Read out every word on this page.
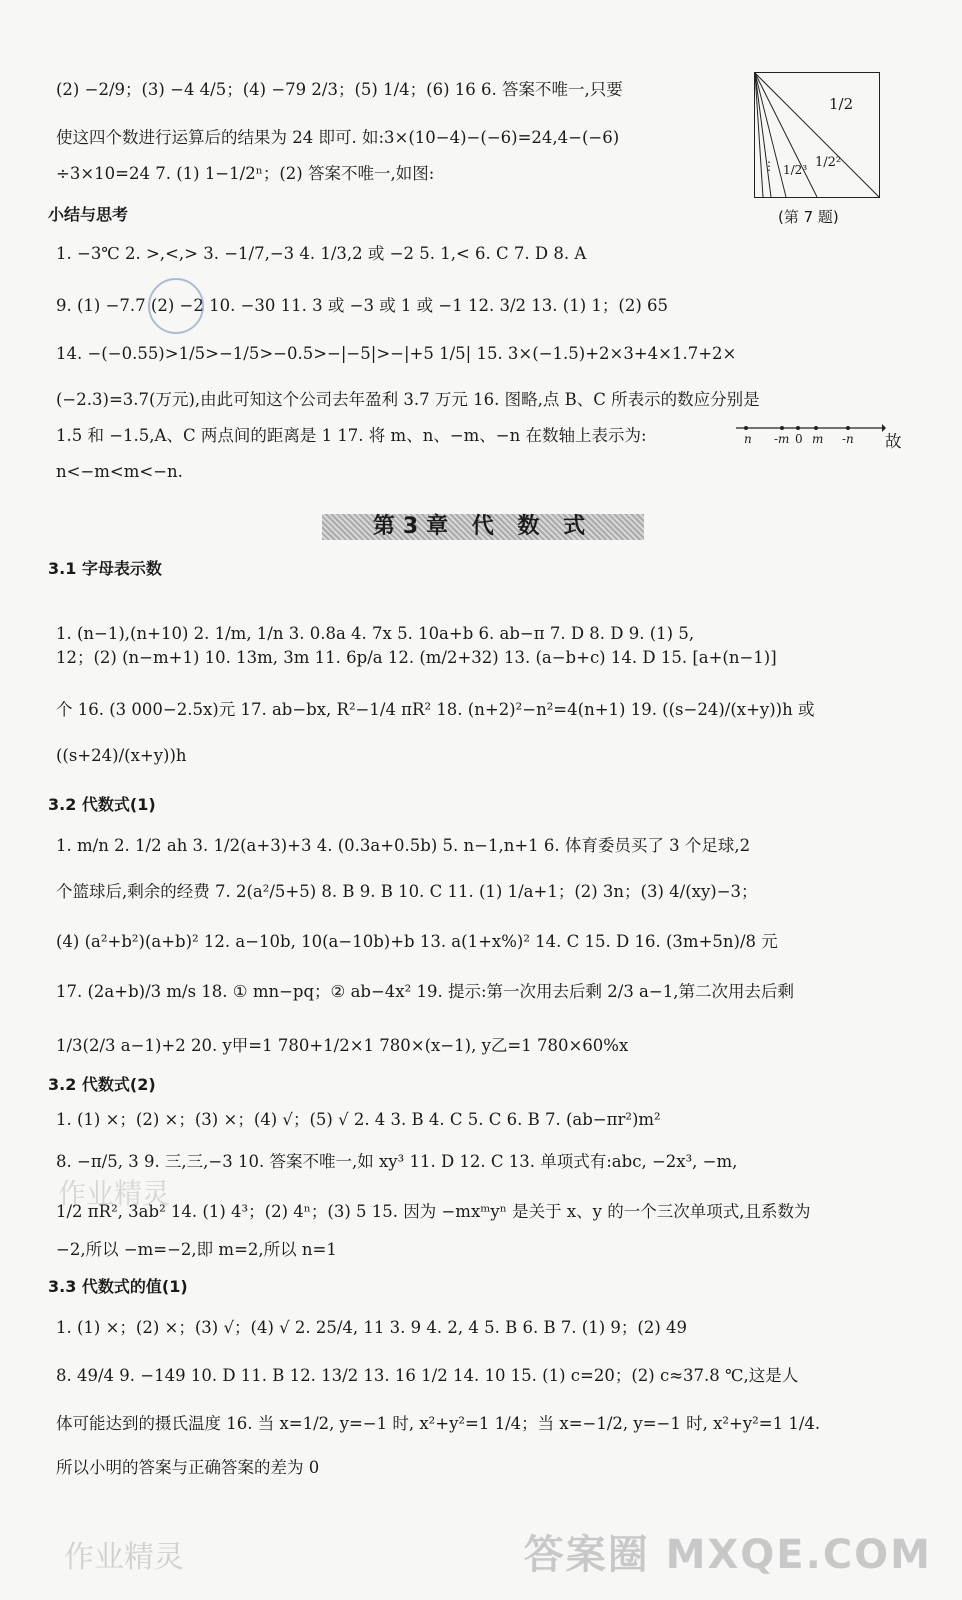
(2) −2/9；(3) −4 4/5；(4) −79 2/3；(5) 1/4；(6) 16 6. 答案不唯一,只要
使这四个数进行运算后的结果为 24 即可. 如:3×(10−4)−(−6)=24,4−(−6)
÷3×10=24 7. (1) 1−1/2ⁿ；(2) 答案不唯一,如图:
1/2
1/2²
1/2³
⋮
(第 7 题)
小结与思考
1. −3℃ 2. >,<,> 3. −1/7,−3 4. 1/3,2 或 −2 5. 1,< 6. C 7. D 8. A
9. (1) −7.7 (2) −2 10. −30 11. 3 或 −3 或 1 或 −1 12. 3/2 13. (1) 1；(2) 65
14. −(−0.55)>1/5>−1/5>−0.5>−|−5|>−|+5 1/5| 15. 3×(−1.5)+2×3+4×1.7+2×
(−2.3)=3.7(万元),由此可知这个公司去年盈利 3.7 万元 16. 图略,点 B、C 所表示的数应分别是
1.5 和 −1.5,A、C 两点间的距离是 1 17. 将 m、n、−m、−n 在数轴上表示为:	n -m 0 m -n 故
n<−m<m<−n.
第3章 代 数 式
3.1 字母表示数
1. (n−1),(n+10) 2. 1/m, 1/n 3. 0.8a 4. 7x 5. 10a+b 6. ab−π 7. D 8. D 9. (1) 5,
12；(2) (n−m+1) 10. 13m, 3m 11. 6p/a 12. (m/2+32) 13. (a−b+c) 14. D 15. [a+(n−1)]
个 16. (3 000−2.5x)元 17. ab−bx, R²−1/4 πR² 18. (n+2)²−n²=4(n+1) 19. ((s−24)/(x+y))h 或
((s+24)/(x+y))h
3.2 代数式(1)
1. m/n 2. 1/2 ah 3. 1/2(a+3)+3 4. (0.3a+0.5b) 5. n−1,n+1 6. 体育委员买了 3 个足球,2
个篮球后,剩余的经费 7. 2(a²/5+5) 8. B 9. B 10. C 11. (1) 1/a+1；(2) 3n；(3) 4/(xy)−3；
(4) (a²+b²)(a+b)² 12. a−10b, 10(a−10b)+b 13. a(1+x%)² 14. C 15. D 16. (3m+5n)/8 元
17. (2a+b)/3 m/s 18. ① mn−pq；② ab−4x² 19. 提示:第一次用去后剩 2/3 a−1,第二次用去后剩
1/3(2/3 a−1)+2 20. y甲=1 780+1/2×1 780×(x−1), y乙=1 780×60%x
3.2 代数式(2)
1. (1) ×；(2) ×；(3) ×；(4) √；(5) √ 2. 4 3. B 4. C 5. C 6. B 7. (ab−πr²)m²
8. −π/5, 3 9. 三,三,−3 10. 答案不唯一,如 xy³ 11. D 12. C 13. 单项式有:abc, −2x³, −m,
作业精灵
1/2 πR², 3ab² 14. (1) 4³；(2) 4ⁿ；(3) 5 15. 因为 −mxᵐyⁿ 是关于 x、y 的一个三次单项式,且系数为
−2,所以 −m=−2,即 m=2,所以 n=1
3.3 代数式的值(1)
1. (1) ×；(2) ×；(3) √；(4) √ 2. 25/4, 11 3. 9 4. 2, 4 5. B 6. B 7. (1) 9；(2) 49
8. 49/4 9. −149 10. D 11. B 12. 13/2 13. 16 1/2 14. 10 15. (1) c=20；(2) c≈37.8 ℃,这是人
体可能达到的摄氏温度 16. 当 x=1/2, y=−1 时, x²+y²=1 1/4；当 x=−1/2, y=−1 时, x²+y²=1 1/4.
所以小明的答案与正确答案的差为 0
作业精灵	答案圈 MXQE.COM
